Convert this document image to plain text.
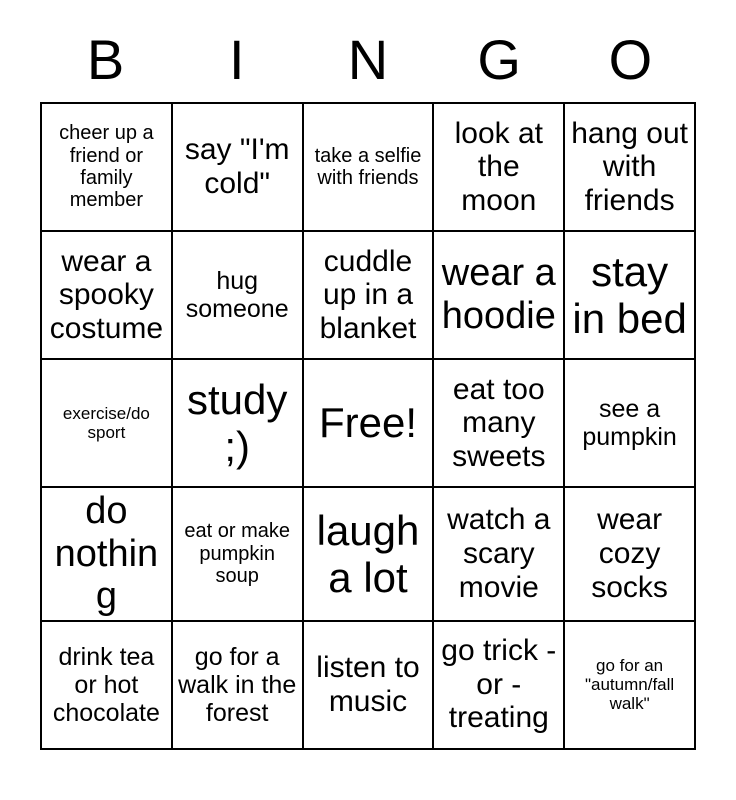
B	I	N	G	O
cheer up a friend or family member	say "I'm cold"	take a selfie with friends	look at the moon	hang out with friends
wear a spooky costume	hug someone	cuddle up in a blanket	wear a hoodie	stay in bed
exercise/do sport	study ;)	Free!	eat too many sweets	see a pumpkin
do nothing	eat or make pumpkin soup	laugh a lot	watch a scary movie	wear cozy socks
drink tea or hot chocolate	go for a walk in the forest	listen to music	go trick - or - treating	go for an "autumn/fall walk"
